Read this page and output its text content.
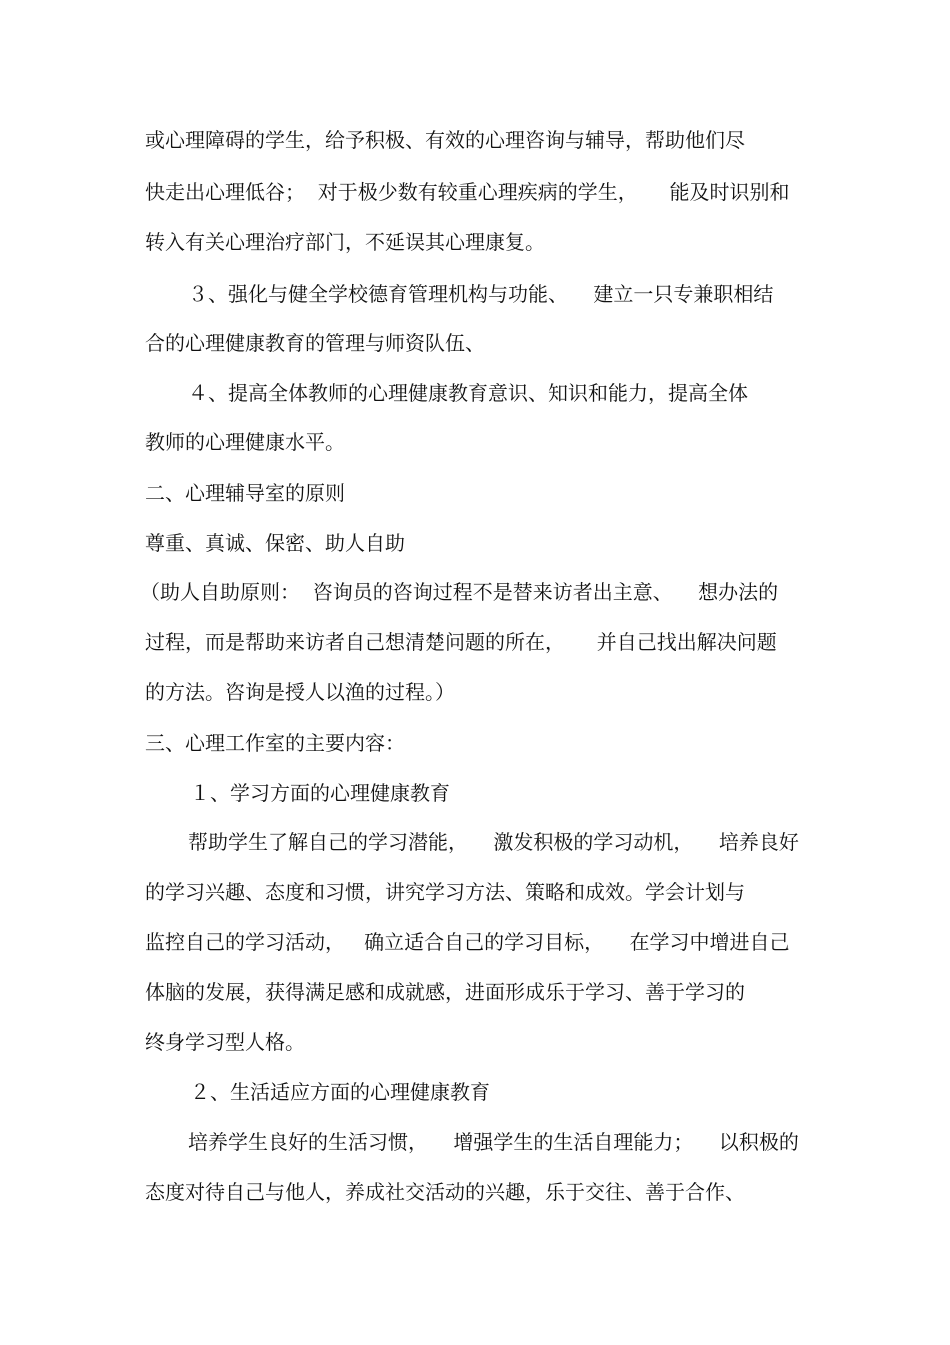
或心理障碍的学生，给予积极、有效的心理咨询与辅导，帮助他们尽
快走出心理低谷；  对于极少数有较重心理疾病的学生，     能及时识别和
转入有关心理治疗部门，不延误其心理康复。
３、强化与健全学校德育管理机构与功能、    建立一只专兼职相结
合的心理健康教育的管理与师资队伍、
４、提高全体教师的心理健康教育意识、知识和能力，提高全体
教师的心理健康水平。
二、心理辅导室的原则
尊重、真诚、保密、助人自助
（助人自助原则：  咨询员的咨询过程不是替来访者出主意、    想办法的
过程，而是帮助来访者自己想清楚问题的所在，     并自己找出解决问题
的方法。咨询是授人以渔的过程。）
三、心理工作室的主要内容：
１、学习方面的心理健康教育
帮助学生了解自己的学习潜能，    激发积极的学习动机，    培养良好
的学习兴趣、态度和习惯，讲究学习方法、策略和成效。学会计划与
监控自己的学习活动，   确立适合自己的学习目标，    在学习中增进自己
体脑的发展，获得满足感和成就感，进面形成乐于学习、善于学习的
终身学习型人格。
２、生活适应方面的心理健康教育
培养学生良好的生活习惯，    增强学生的生活自理能力；    以积极的
态度对待自己与他人，养成社交活动的兴趣，乐于交往、善于合作、
